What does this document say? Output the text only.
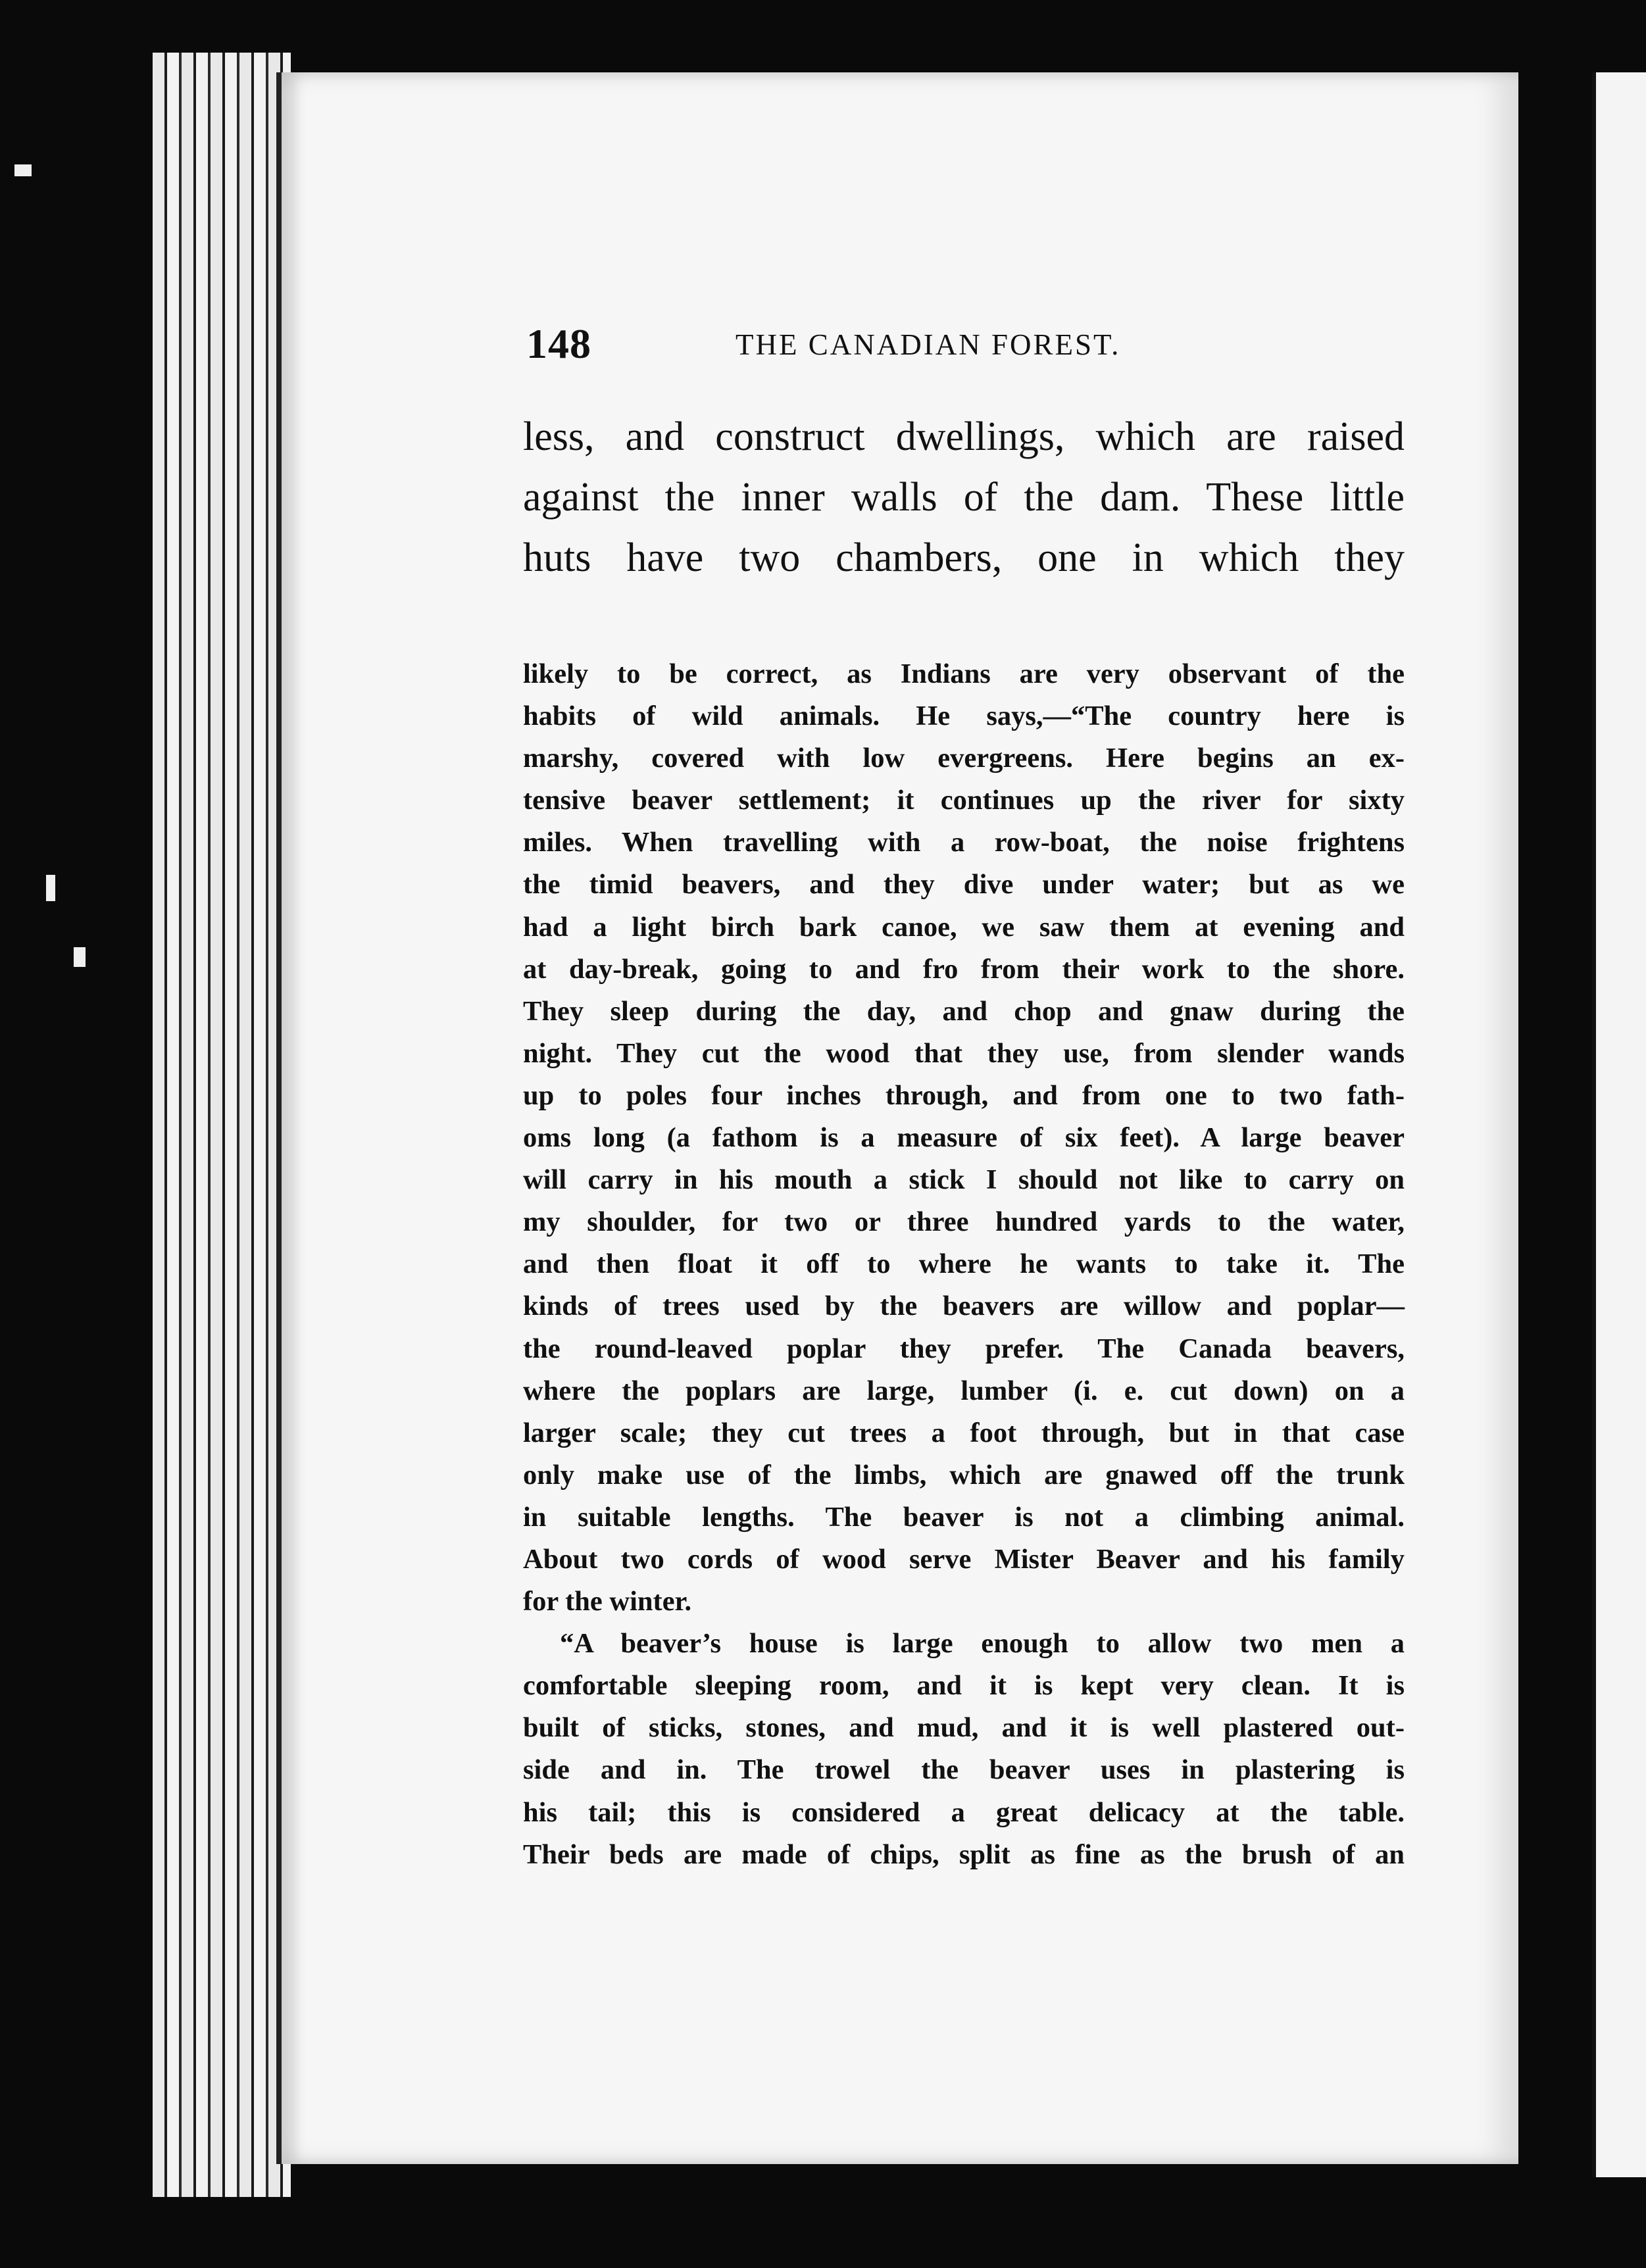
148	THE CANADIAN FOREST.
less, and construct dwellings, which are raised
against the inner walls of the dam. These little
huts have two chambers, one in which they
likely to be correct, as Indians are very observant of the
habits of wild animals. He says,—“The country here is
marshy, covered with low evergreens. Here begins an ex-
tensive beaver settlement; it continues up the river for sixty
miles. When travelling with a row-boat, the noise frightens
the timid beavers, and they dive under water; but as we
had a light birch bark canoe, we saw them at evening and
at day-break, going to and fro from their work to the shore.
They sleep during the day, and chop and gnaw during the
night. They cut the wood that they use, from slender wands
up to poles four inches through, and from one to two fath-
oms long (a fathom is a measure of six feet). A large beaver
will carry in his mouth a stick I should not like to carry on
my shoulder, for two or three hundred yards to the water,
and then float it off to where he wants to take it. The
kinds of trees used by the beavers are willow and poplar—
the round-leaved poplar they prefer. The Canada beavers,
where the poplars are large, lumber (i. e. cut down) on a
larger scale; they cut trees a foot through, but in that case
only make use of the limbs, which are gnawed off the trunk
in suitable lengths. The beaver is not a climbing animal.
About two cords of wood serve Mister Beaver and his family
for the winter.
“A beaver’s house is large enough to allow two men a
comfortable sleeping room, and it is kept very clean. It is
built of sticks, stones, and mud, and it is well plastered out-
side and in. The trowel the beaver uses in plastering is
his tail; this is considered a great delicacy at the table.
Their beds are made of chips, split as fine as the brush of an
